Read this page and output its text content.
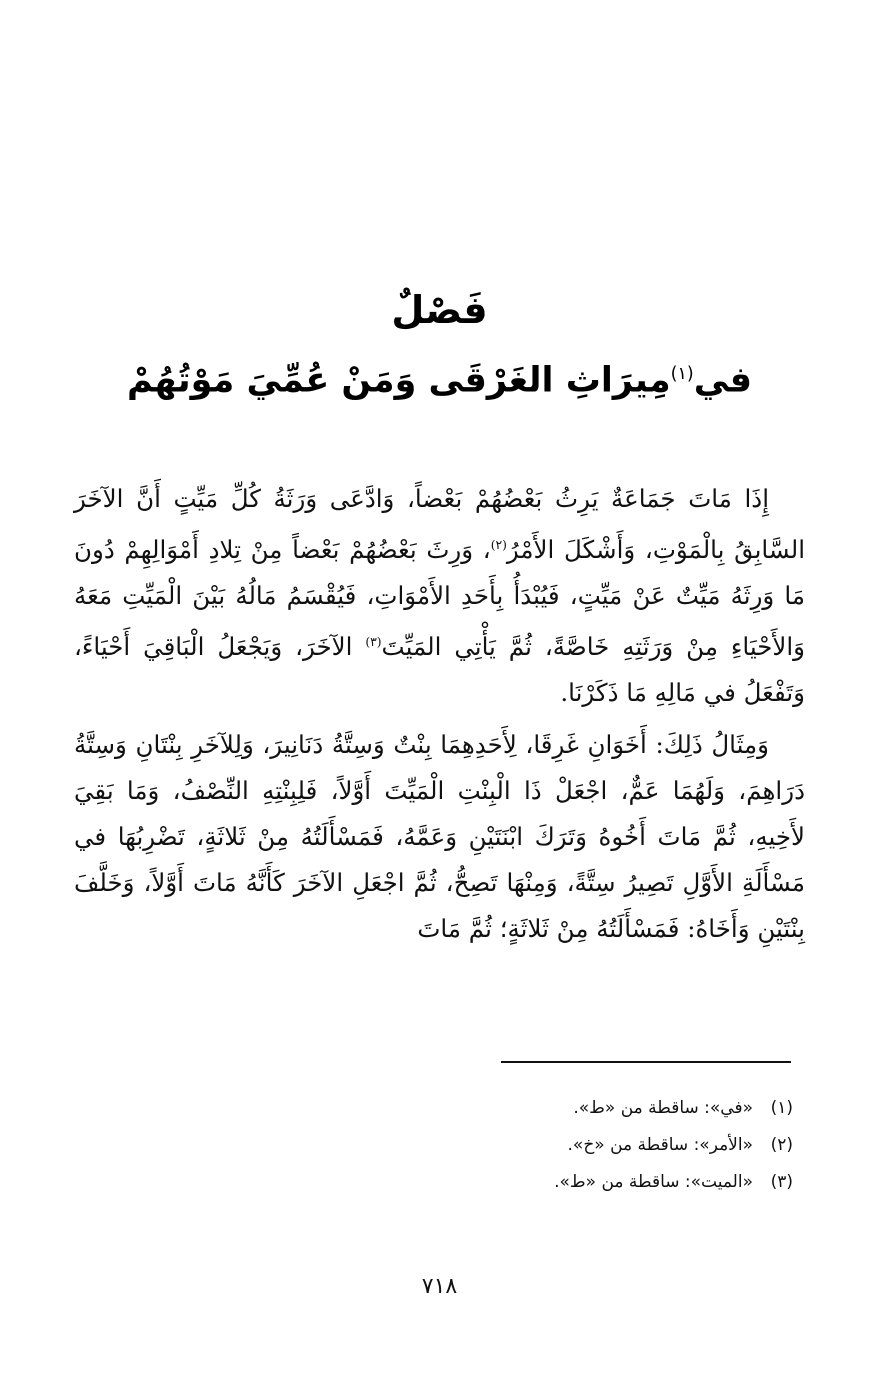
فَصْلٌ
في$^{(١)}$مِيرَاثِ الغَرْقَى وَمَنْ عُمِّيَ مَوْتُهُمْ

إِذَا مَاتَ جَمَاعَةٌ يَرِثُ بَعْضُهُمْ بَعْضاً، وَادَّعَى وَرَثَةُ كُلِّ مَيِّتٍ أَنَّ الآخَرَ السَّابِقُ بِالْمَوْتِ، وَأَشْكَلَ الأَمْرُ$^{(٢)}$، وَرِثَ بَعْضُهُمْ بَعْضاً مِنْ تِلادِ أَمْوَالِهِمْ دُونَ مَا وَرِثَهُ مَيِّتٌ عَنْ مَيِّتٍ، فَيُبْدَأُ بِأَحَدِ الأَمْوَاتِ، فَيُقْسَمُ مَالُهُ بَيْنَ الْمَيِّتِ مَعَهُ وَالأَحْيَاءِ مِنْ وَرَثَتِهِ خَاصَّةً، ثُمَّ يَأْتِي المَيِّتَ$^{(٣)}$ الآخَرَ، وَيَجْعَلُ الْبَاقِيَ أَحْيَاءً، وَتَفْعَلُ في مَالِهِ مَا ذَكَرْنَا.

وَمِثَالُ ذَلِكَ: أَخَوَانِ غَرِقَا، لِأَحَدِهِمَا بِنْتٌ وَسِتَّةُ دَنَانِيرَ، وَلِلآخَرِ بِنْتَانِ وَسِتَّةُ دَرَاهِمَ، وَلَهُمَا عَمٌّ، اجْعَلْ ذَا الْبِنْتِ الْمَيِّتَ أَوَّلاً، فَلِبِنْتِهِ النِّصْفُ، وَمَا بَقِيَ لأَخِيهِ، ثُمَّ مَاتَ أَخُوهُ وَتَرَكَ ابْنَتَيْنِ وَعَمَّهُ، فَمَسْأَلَتُهُ مِنْ ثَلاثَةٍ، تَضْرِبُهَا في مَسْأَلَةِ الأَوَّلِ تَصِيرُ سِتَّةً، وَمِنْهَا تَصِحُّ، ثُمَّ اجْعَلِ الآخَرَ كَأَنَّهُ مَاتَ أَوَّلاً، وَخَلَّفَ بِنْتَيْنِ وَأَخَاهُ: فَمَسْأَلَتُهُ مِنْ ثَلاثَةٍ؛ ثُمَّ مَاتَ

(١)
«في»: ساقطة من «ط».
(٢)
«الأمر»: ساقطة من «خ».
(٣)
«الميت»: ساقطة من «ط».
٧١٨
